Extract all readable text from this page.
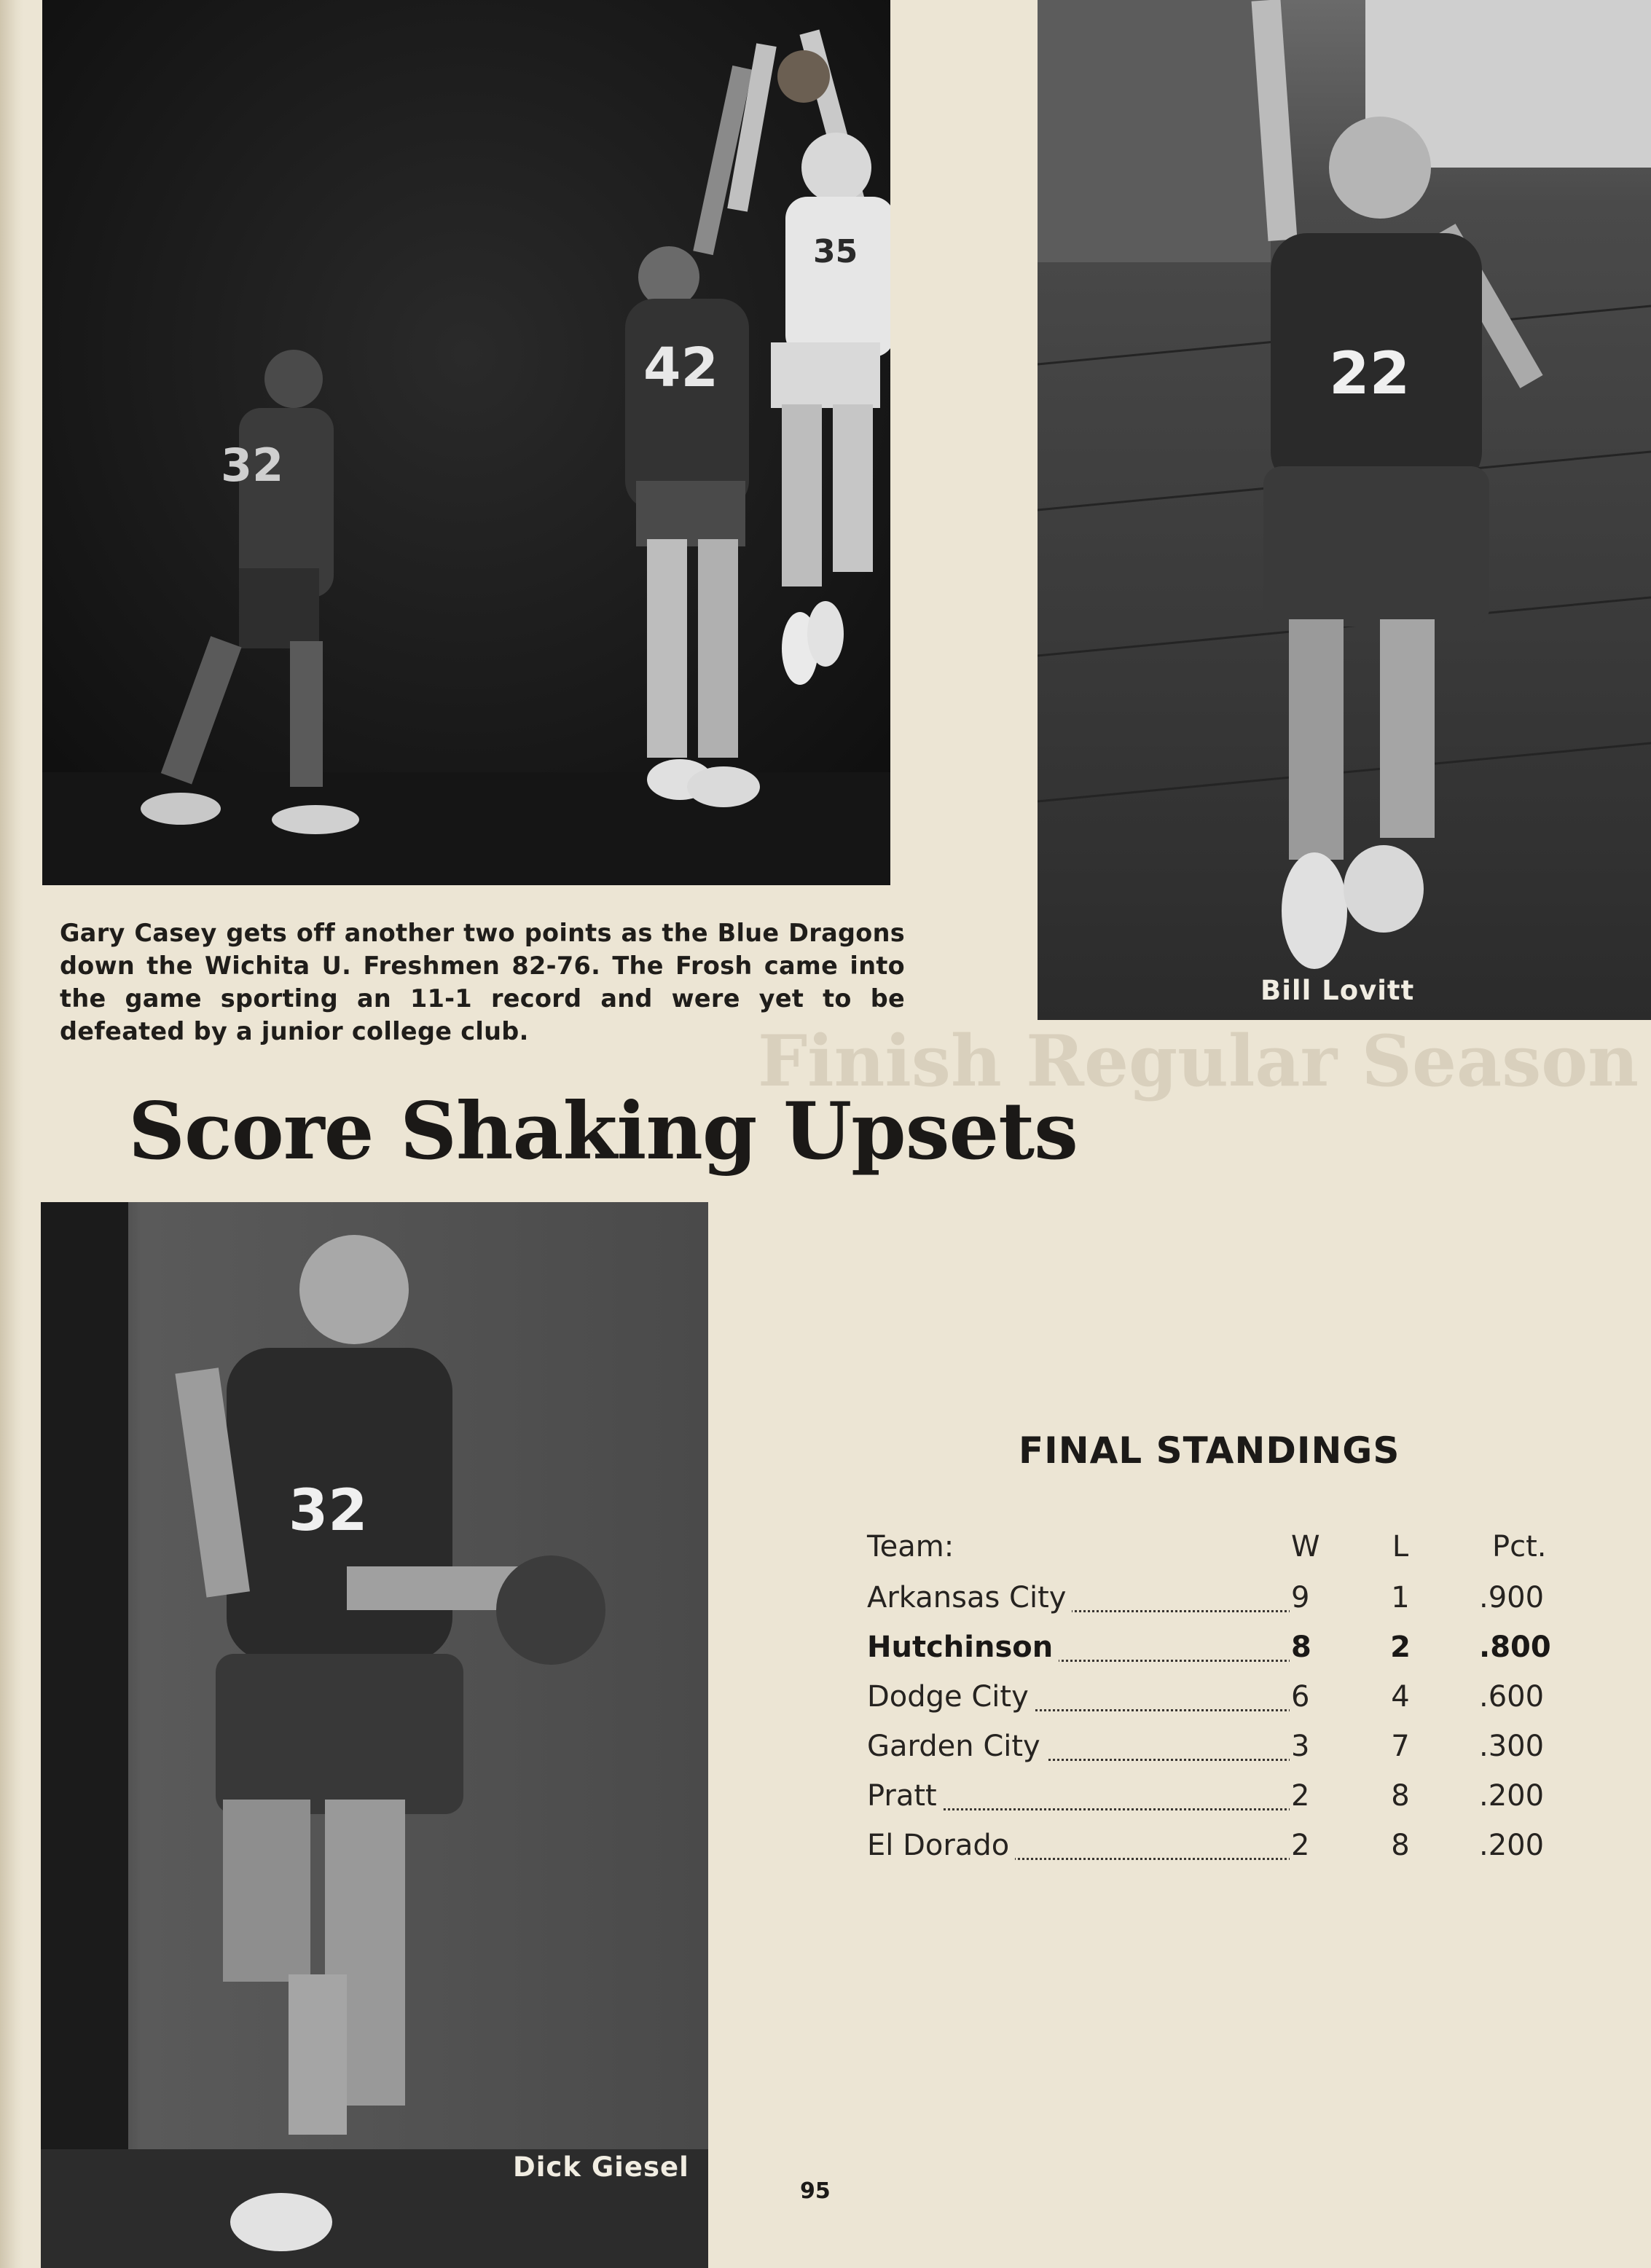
Finish Regular Season
32
42
35
22
Bill Lovitt
Gary Casey gets off another two points as the Blue Dragons down the Wichita U. Freshmen 82-76. The Frosh came into the game sporting an 11-1 record and were yet to be defeated by a junior college club.
Score Shaking Upsets
32
Dick Giesel
FINAL STANDINGS
Team:	W L	Pct.
Arkansas City	9	1 .900
Hutchinson	8	2 .800
Dodge City	6	4 .600
Garden City	3	7 .300
Pratt	2	8 .200
El Dorado	2	8 .200
95
